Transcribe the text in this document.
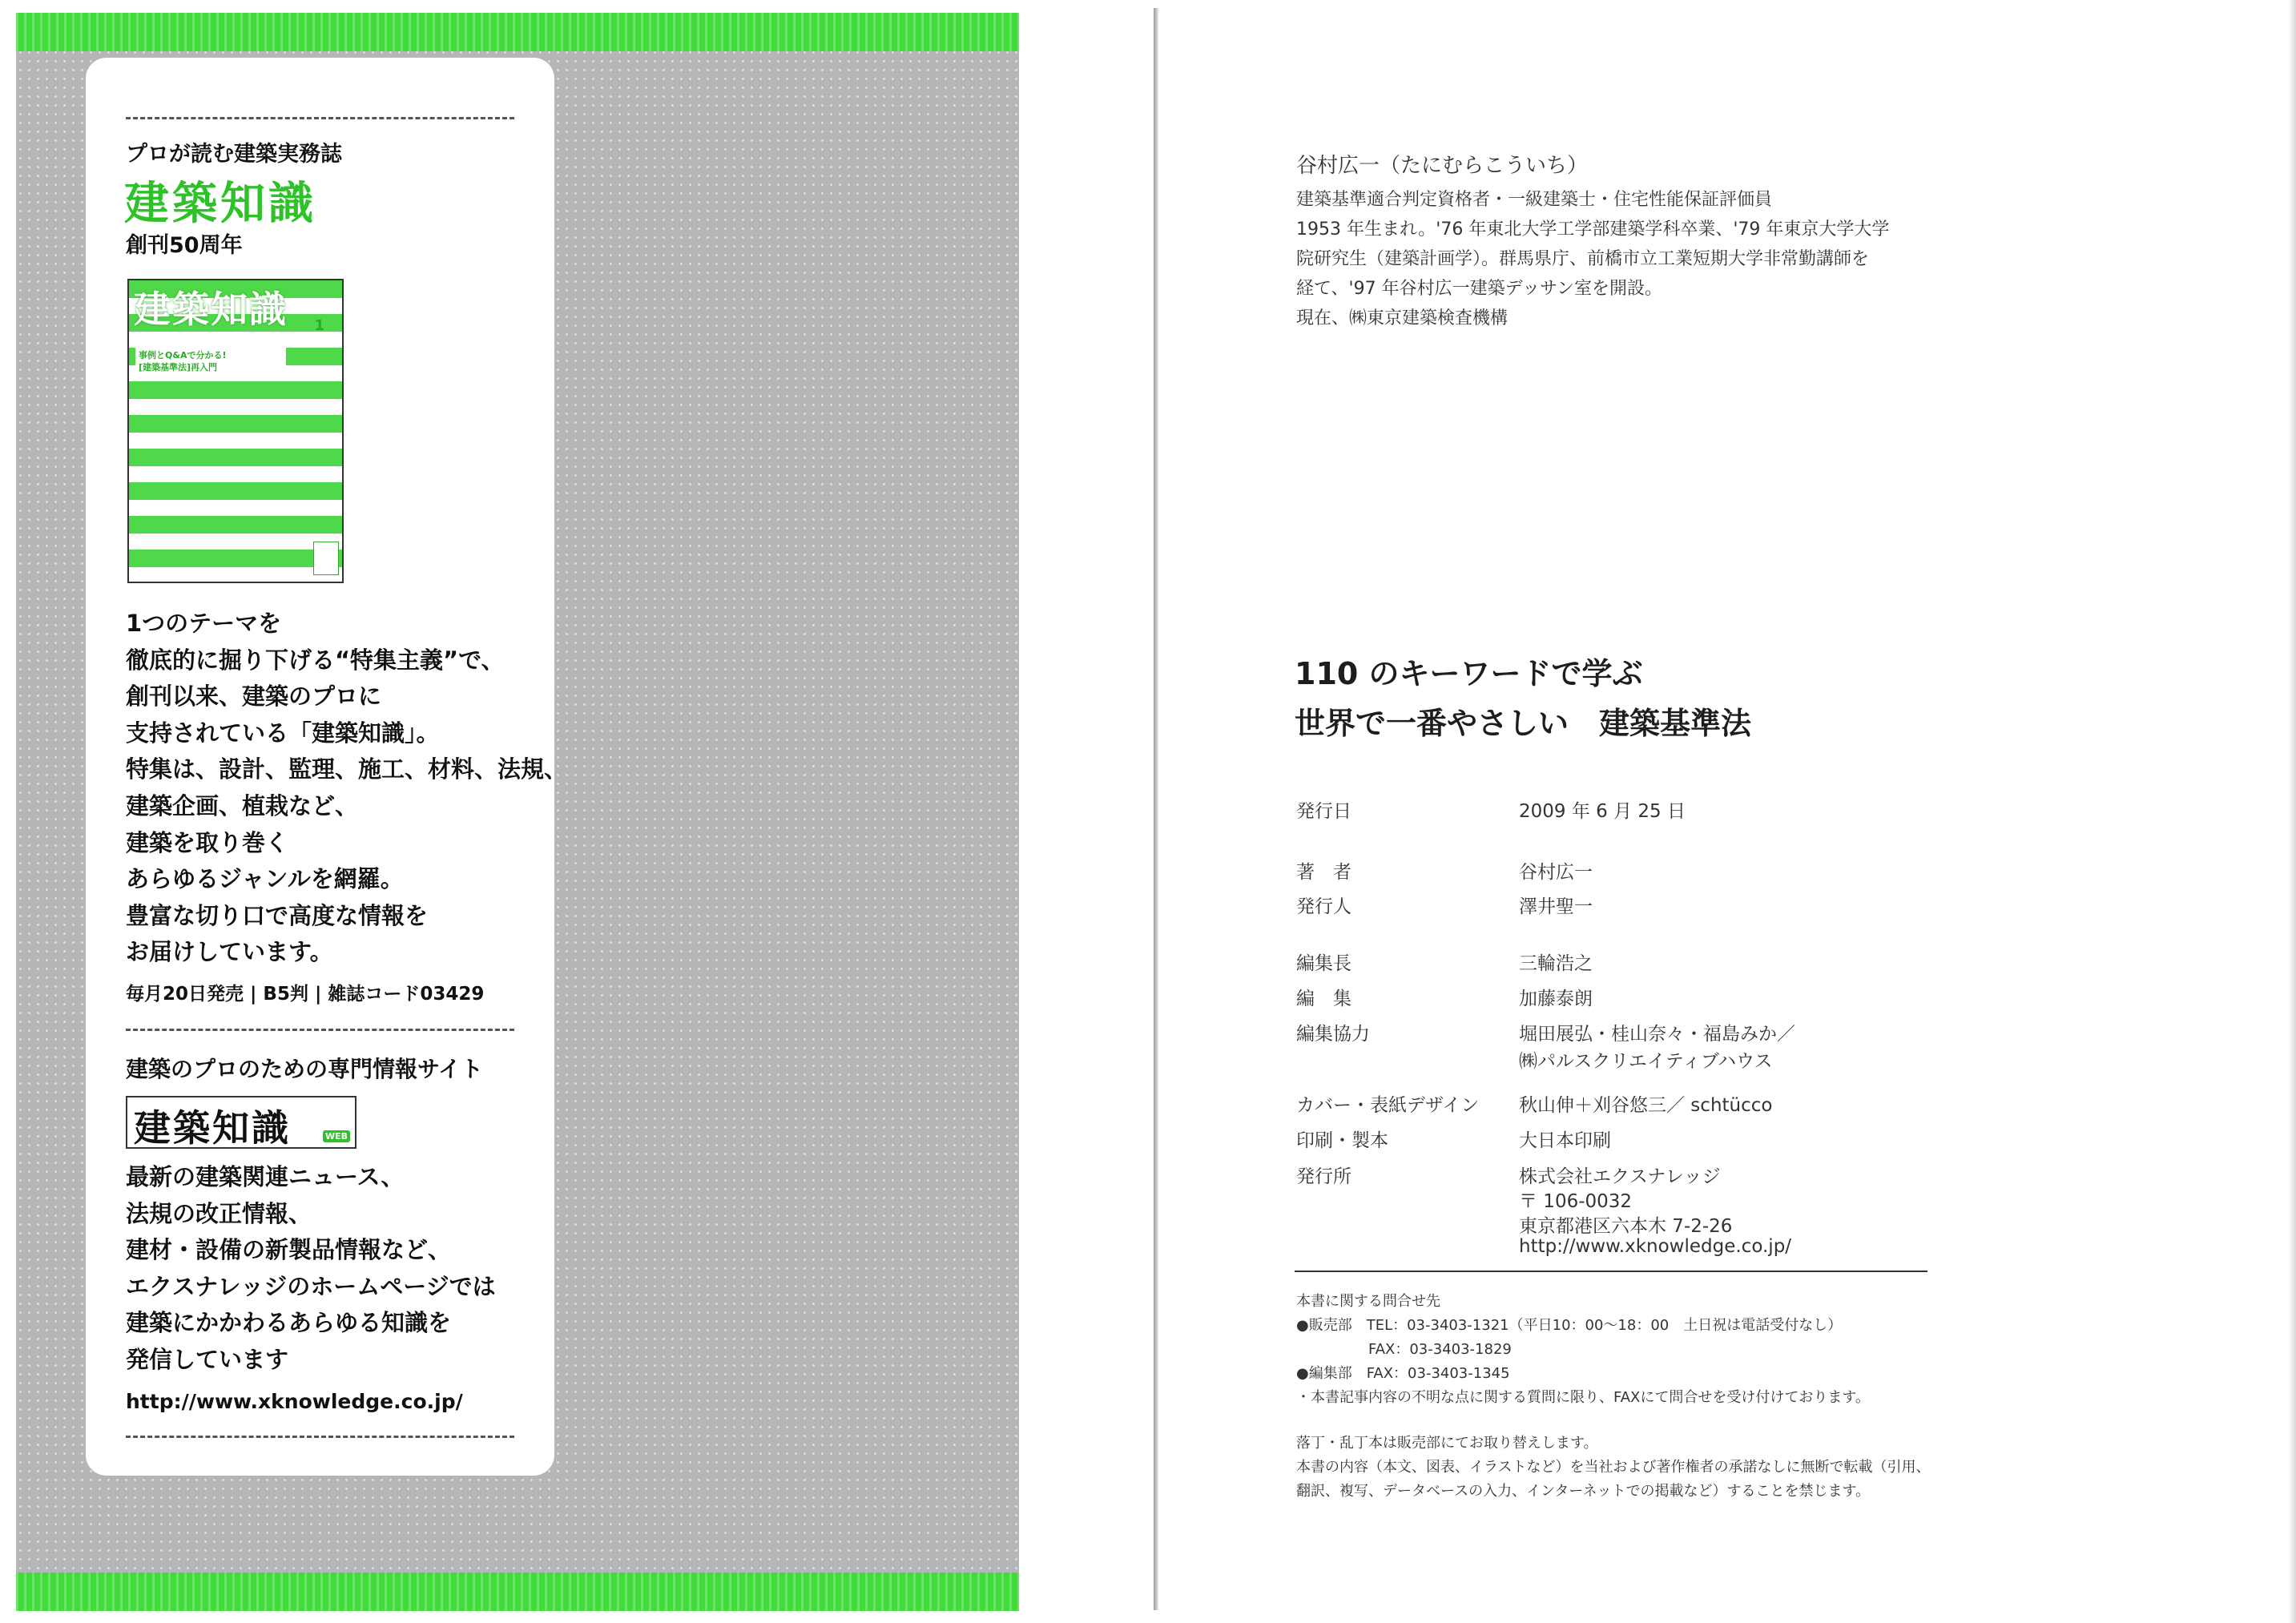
プロが読む建築実務誌
建築知識
創刊50周年
建築知識 1
事例とQ&Aで分かる!
[建築基準法]再入門
1つのテーマを
徹底的に掘り下げる“特集主義”で、
創刊以来、建築のプロに
支持されている「建築知識」。
特集は、設計、監理、施工、材料、法規、
建築企画、植栽など、
建築を取り巻く
あらゆるジャンルを網羅。
豊富な切り口で高度な情報を
お届けしています。
毎月20日発売 | B5判 | 雑誌コード03429
建築のプロのための専門情報サイト
建築知識	WEB
最新の建築関連ニュース、
法規の改正情報、
建材・設備の新製品情報など、
エクスナレッジのホームページでは
建築にかかわるあらゆる知識を
発信しています
http://www.xknowledge.co.jp/
谷村広一（たにむらこういち）
建築基準適合判定資格者・一級建築士・住宅性能保証評価員
1953 年生まれ。'76 年東北大学工学部建築学科卒業、'79 年東京大学大学
院研究生（建築計画学）。群馬県庁、前橋市立工業短期大学非常勤講師を
経て、'97 年谷村広一建築デッサン室を開設。
現在、㈱東京建築検査機構
110 のキーワードで学ぶ
世界で一番やさしい　建築基準法
発行日	2009 年 6 月 25 日
著　者	谷村広一
発行人	澤井聖一
編集長	三輪浩之
編　集	加藤泰朗
編集協力	堀田展弘・桂山奈々・福島みか／
㈱パルスクリエイティブハウス
カバー・表紙デザイン 秋山伸＋刈谷悠三／ schtücco
印刷・製本	大日本印刷
発行所	株式会社エクスナレッジ
〒 106-0032
東京都港区六本木 7-2-26
http://www.xknowledge.co.jp/
本書に関する問合せ先
●販売部　TEL：03-3403-1321（平日10：00～18：00　土日祝は電話受付なし）
　　　　　FAX：03-3403-1829
●編集部　FAX：03-3403-1345
・本書記事内容の不明な点に関する質問に限り、FAXにて問合せを受け付けております。
落丁・乱丁本は販売部にてお取り替えします。
本書の内容（本文、図表、イラストなど）を当社および著作権者の承諾なしに無断で転載（引用、
翻訳、複写、データベースの入力、インターネットでの掲載など）することを禁じます。
